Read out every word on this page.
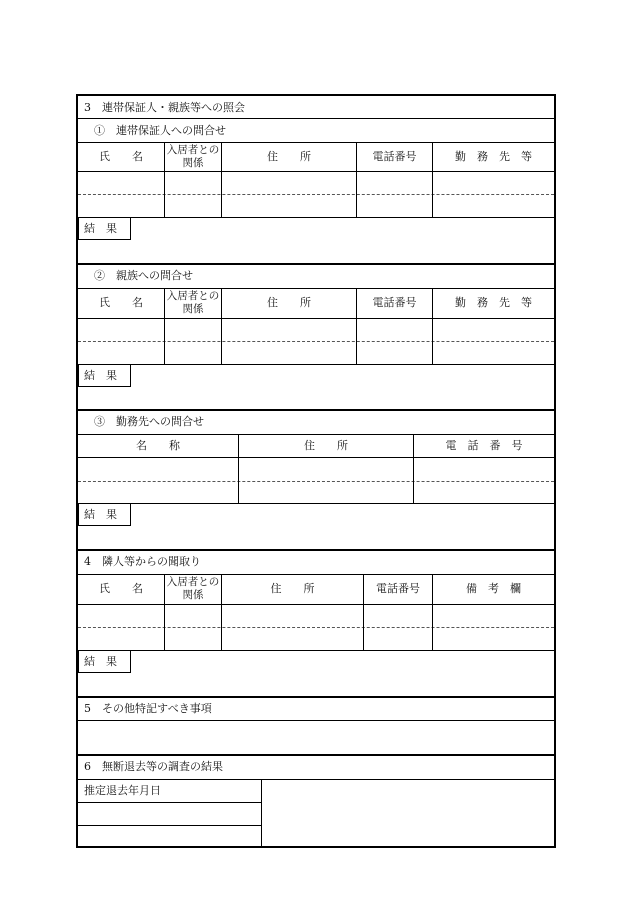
3　連帯保証人・親族等への照会
①　連帯保証人への問合せ
氏　　名	入居者との関係	住　　所	電話番号	勤　務　先　等
結　果
②　親族への問合せ
氏　　名	入居者との関係	住　　所	電話番号	勤　務　先　等
結　果
③　勤務先への問合せ
名　　称	住　　所	電　話　番　号
結　果
4　隣人等からの聞取り
氏　　名	入居者との関係	住　　所	電話番号	備　考　欄
結　果
5　その他特記すべき事項
6　無断退去等の調査の結果
推定退去年月日
